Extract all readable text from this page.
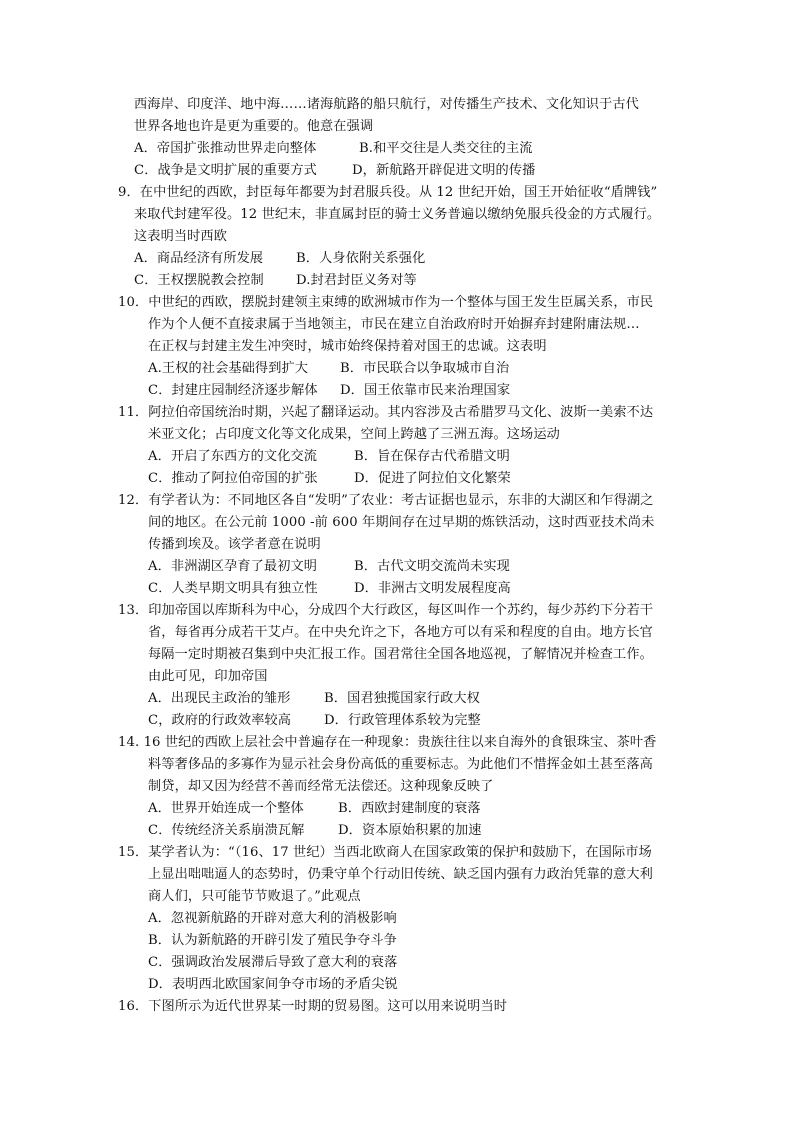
西海岸、印度洋、地中海……诸海航路的船只航行，对传播生产技术、文化知识于古代
世界各地也许是更为重要的。他意在强调
A．帝国扩张推动世界走向整体	B.和平交往是人类交往的主流
C．战争是文明扩展的重要方式	D，新航路开辟促进文明的传播
9．在中世纪的西欧，封臣每年都要为封君服兵役。从 12 世纪开始，国王开始征收“盾牌钱”
来取代封建军役。12 世纪末，非直属封臣的骑士义务普遍以缴纳免服兵役金的方式履行。
这表明当时西欧
A．商品经济有所发展 B．人身依附关系强化
C．王权摆脱教会控制 D.封君封臣义务对等
10．中世纪的西欧，摆脱封建领主束缚的欧洲城市作为一个整体与国王发生臣属关系，市民
作为个人便不直接隶属于当地领主，市民在建立自治政府时开始摒弃封建附庸法规…
在正权与封建主发生冲突时，城市始终保持着对国王的忠诚。这表明
A.王权的社会基础得到扩大 B．市民联合以争取城市自治
C．封建庄园制经济逐步解体 D．国王依靠市民来治理国家
11．阿拉伯帝国统治时期，兴起了翻译运动。其内容涉及古希腊罗马文化、波斯一美索不达
米亚文化；占印度文化等文化成果，空间上跨越了三洲五海。这场运动
A．开启了东西方的文化交流	B．旨在保存古代希腊文明
C．推动了阿拉伯帝国的扩张	D．促进了阿拉伯文化繁荣
12．有学者认为：不同地区各自“发明”了农业：考古证据也显示，东非的大湖区和乍得湖之
间的地区。在公元前 1000 -前 600 年期间存在过早期的炼铁活动，这时西亚技术尚未
传播到埃及。该学者意在说明
A．非洲湖区孕育了最初文明	B．古代文明交流尚未实现
C．人类早期文明具有独立性	D．非洲古文明发展程度高
13．印加帝国以库斯科为中心，分成四个大行政区，每区叫作一个苏约，每少苏约下分若干
省，每省再分成若干艾卢。在中央允许之下，各地方可以有采和程度的自由。地方长官
每隔一定时期被召集到中央汇报工作。国君常往全国各地巡视，了解情况并检查工作。
由此可见，印加帝国
A．出现民主政治的雏形	B．国君独揽国家行政大权
C，政府的行政效率较高 D．行政管理体系较为完整
14. 16 世纪的西欧上层社会中普遍存在一种现象：贵族往往以来自海外的食银珠宝、茶叶香
料等奢侈品的多寡作为显示社会身份高低的重要标志。为此他们不惜挥金如土甚至落高
制贷，却又因为经营不善而经常无法偿还。这种现象反映了
A．世界开始连成一个整体	B．西欧封建制度的衰落
C．传统经济关系崩溃瓦解	D．资本原始积累的加速
15．某学者认为：“（16、17 世纪）当西北欧商人在国家政策的保护和鼓励下，在国际市场
上显出咄咄逼人的态势时，仍秉守单个行动旧传统、缺乏国内强有力政治凭靠的意大利
商人们，只可能节节败退了。”此观点
A．忽视新航路的开辟对意大利的消极影响
B．认为新航路的开辟引发了殖民争夺斗争
C．强调政治发展滞后导致了意大利的衰落
D．表明西北欧国家间争夺市场的矛盾尖锐
16．下图所示为近代世界某一时期的贸易图。这可以用来说明当时
